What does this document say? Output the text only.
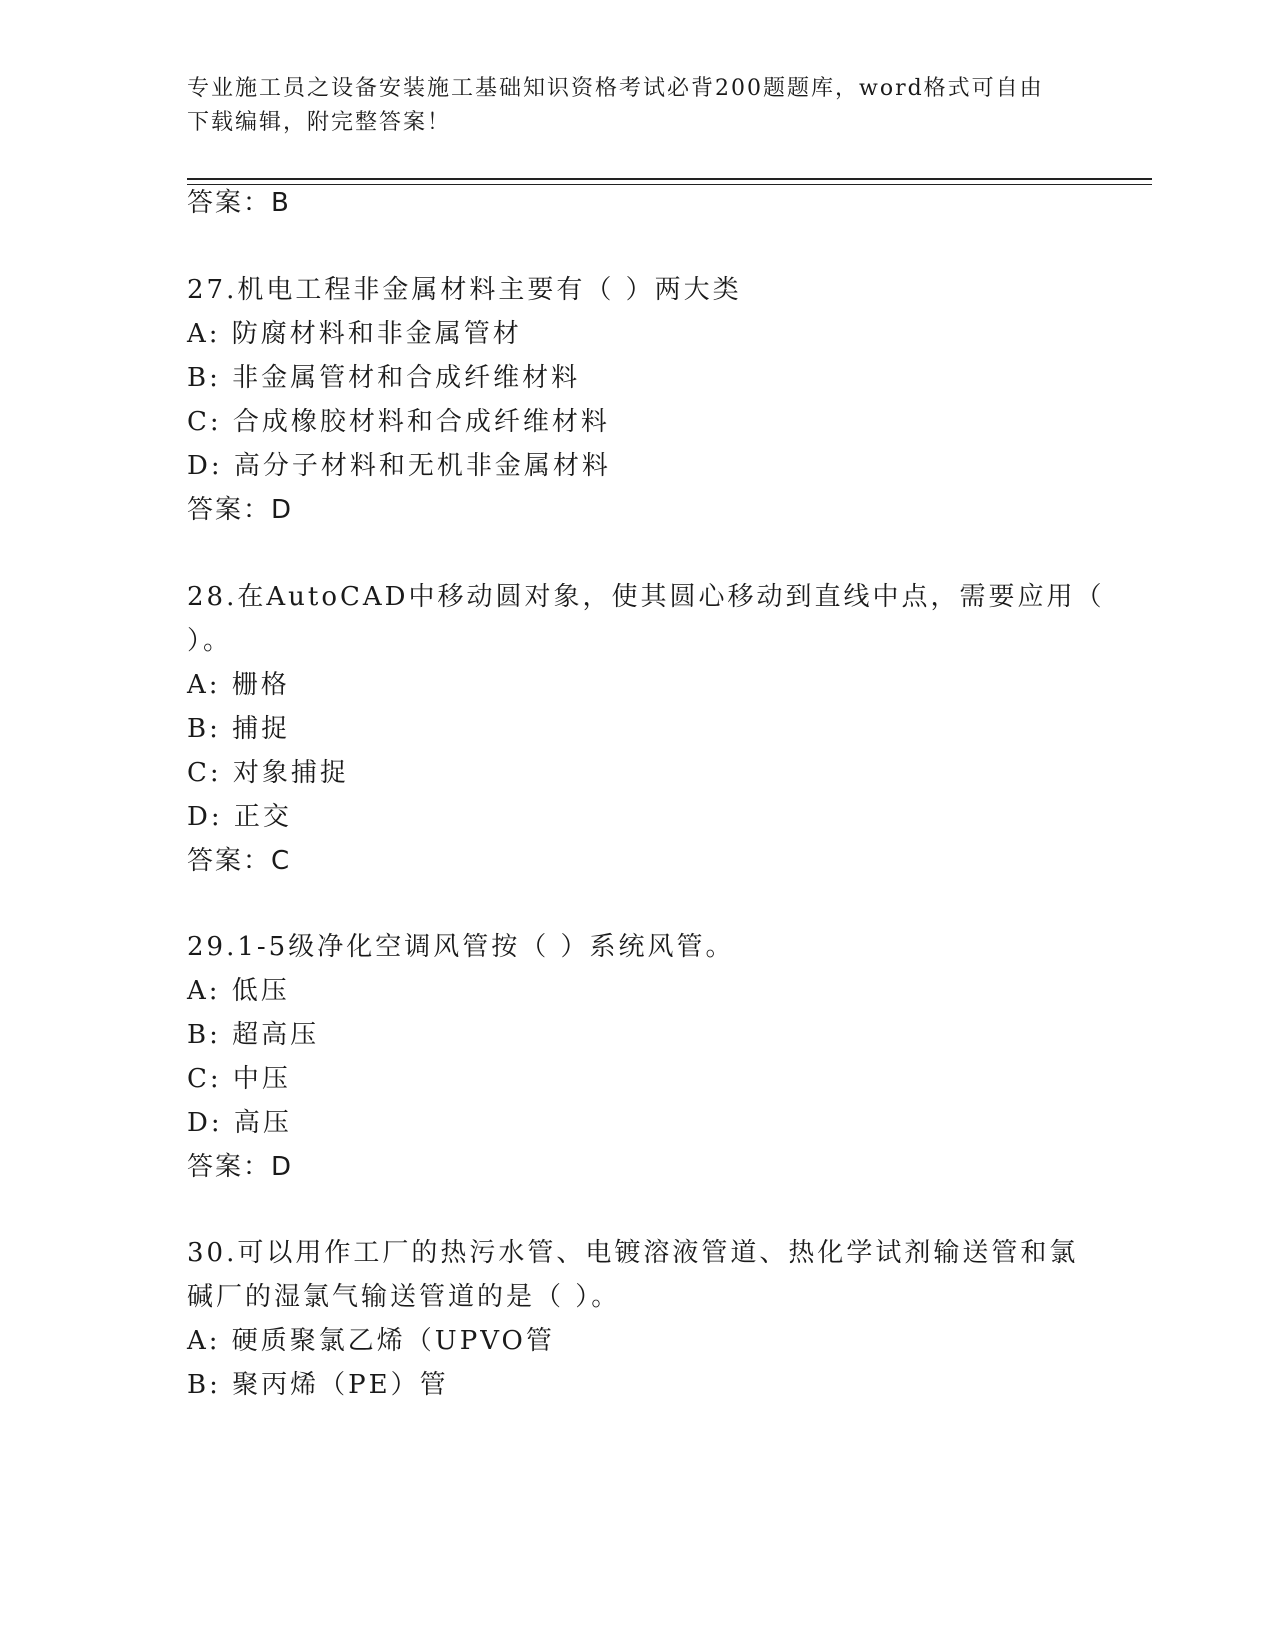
专业施工员之设备安装施工基础知识资格考试必背200题题库，word格式可自由
下载编辑，附完整答案！
答案：B
27.机电工程非金属材料主要有（ ）两大类
A: 防腐材料和非金属管材
B: 非金属管材和合成纤维材料
C: 合成橡胶材料和合成纤维材料
D: 高分子材料和无机非金属材料
答案：D
28.在AutoCAD中移动圆对象，使其圆心移动到直线中点，需要应用（
）。
A: 栅格
B: 捕捉
C: 对象捕捉
D: 正交
答案：C
29.1-5级净化空调风管按（ ）系统风管。
A: 低压
B: 超高压
C: 中压
D: 高压
答案：D
30.可以用作工厂的热污水管、电镀溶液管道、热化学试剂输送管和氯
碱厂的湿氯气输送管道的是（ ）。
A: 硬质聚氯乙烯（UPVO管
B: 聚丙烯（PE）管
